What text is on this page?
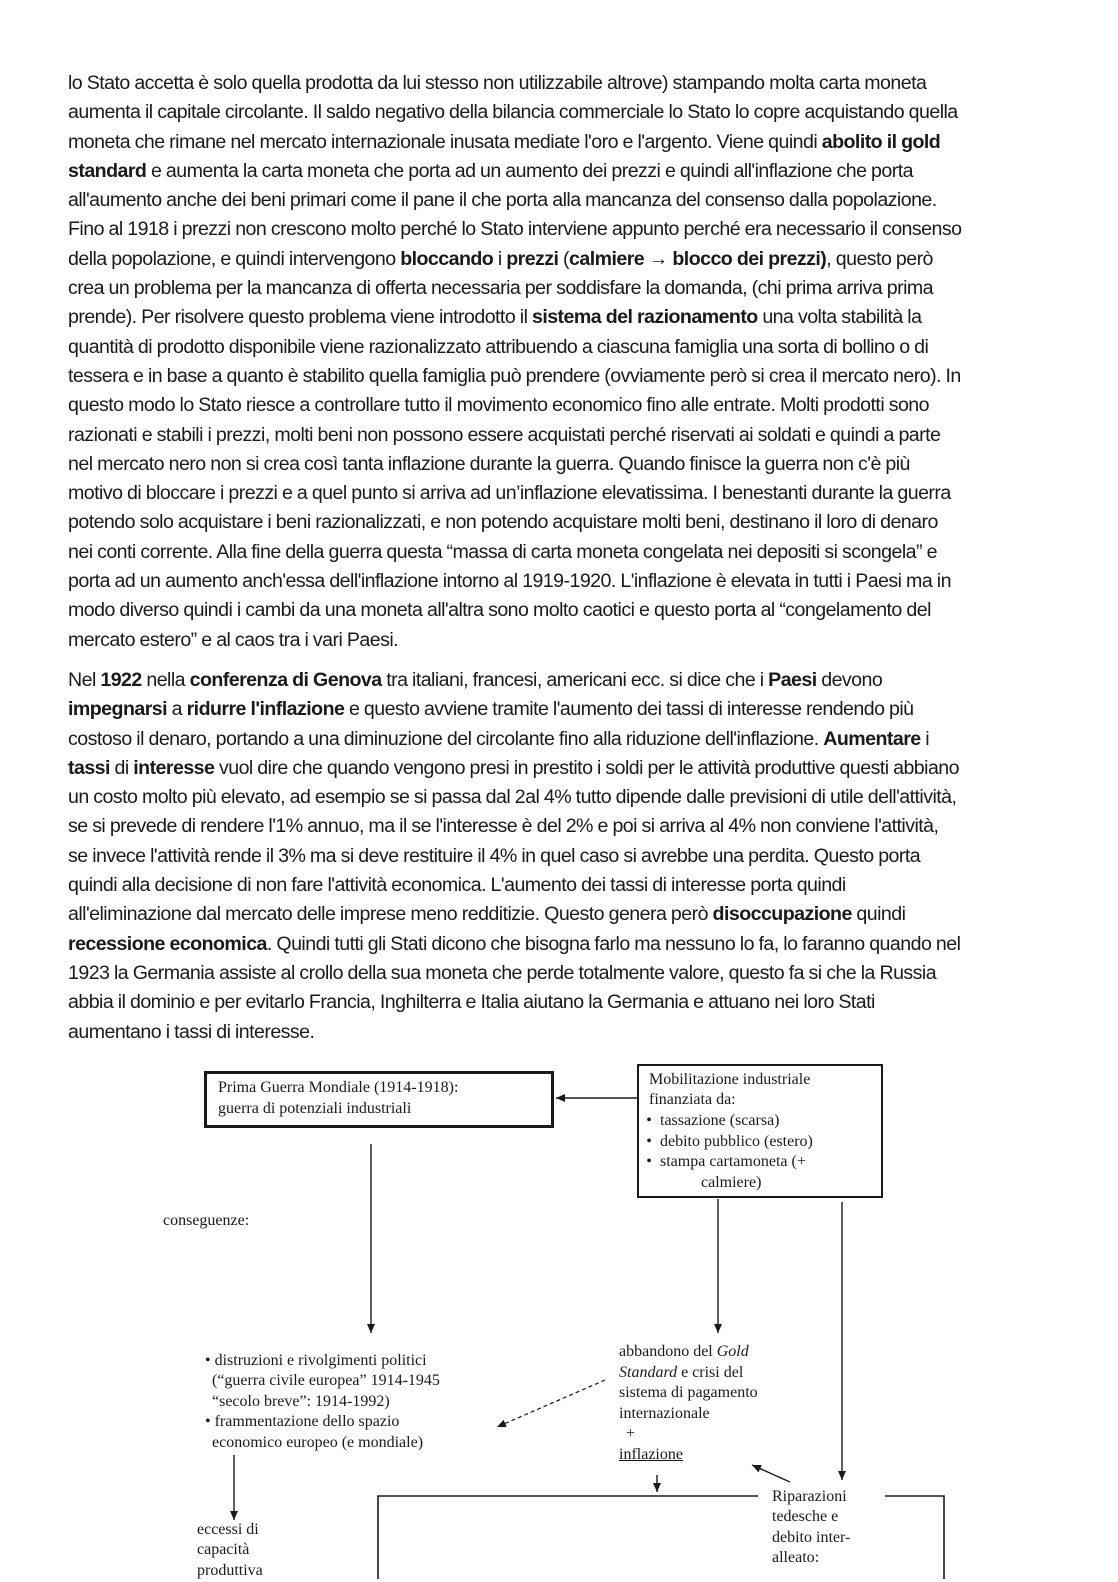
lo Stato accetta è solo quella prodotta da lui stesso non utilizzabile altrove) stampando molta carta moneta
aumenta il capitale circolante. Il saldo negativo della bilancia commerciale lo Stato lo copre acquistando quella
moneta che rimane nel mercato internazionale inusata mediate l'oro e l'argento. Viene quindi abolito il gold
standard e aumenta la carta moneta che porta ad un aumento dei prezzi e quindi all'inflazione che porta
all'aumento anche dei beni primari come il pane il che porta alla mancanza del consenso dalla popolazione.
Fino al 1918 i prezzi non crescono molto perché lo Stato interviene appunto perché era necessario il consenso
della popolazione, e quindi intervengono bloccando i prezzi (calmiere → blocco dei prezzi), questo però
crea un problema per la mancanza di offerta necessaria per soddisfare la domanda, (chi prima arriva prima
prende). Per risolvere questo problema viene introdotto il sistema del razionamento una volta stabilità la
quantità di prodotto disponibile viene razionalizzato attribuendo a ciascuna famiglia una sorta di bollino o di
tessera e in base a quanto è stabilito quella famiglia può prendere (ovviamente però si crea il mercato nero). In
questo modo lo Stato riesce a controllare tutto il movimento economico fino alle entrate. Molti prodotti sono
razionati e stabili i prezzi, molti beni non possono essere acquistati perché riservati ai soldati e quindi a parte
nel mercato nero non si crea così tanta inflazione durante la guerra. Quando finisce la guerra non c'è più
motivo di bloccare i prezzi e a quel punto si arriva ad un’inflazione elevatissima. I benestanti durante la guerra
potendo solo acquistare i beni razionalizzati, e non potendo acquistare molti beni, destinano il loro di denaro
nei conti corrente. Alla fine della guerra questa “massa di carta moneta congelata nei depositi si scongela” e
porta ad un aumento anch'essa dell'inflazione intorno al 1919-1920. L'inflazione è elevata in tutti i Paesi ma in
modo diverso quindi i cambi da una moneta all'altra sono molto caotici e questo porta al “congelamento del
mercato estero” e al caos tra i vari Paesi.
Nel 1922 nella conferenza di Genova tra italiani, francesi, americani ecc. si dice che i Paesi devono
impegnarsi a ridurre l'inflazione e questo avviene tramite l'aumento dei tassi di interesse rendendo più
costoso il denaro, portando a una diminuzione del circolante fino alla riduzione dell'inflazione. Aumentare i
tassi di interesse vuol dire che quando vengono presi in prestito i soldi per le attività produttive questi abbiano
un costo molto più elevato, ad esempio se si passa dal 2al 4% tutto dipende dalle previsioni di utile dell'attività,
se si prevede di rendere l'1% annuo, ma il se l'interesse è del 2% e poi si arriva al 4% non conviene l'attività,
se invece l'attività rende il 3% ma si deve restituire il 4% in quel caso si avrebbe una perdita. Questo porta
quindi alla decisione di non fare l'attività economica. L'aumento dei tassi di interesse porta quindi
all'eliminazione dal mercato delle imprese meno redditizie. Questo genera però disoccupazione quindi
recessione economica. Quindi tutti gli Stati dicono che bisogna farlo ma nessuno lo fa, lo faranno quando nel
1923 la Germania assiste al crollo della sua moneta che perde totalmente valore, questo fa si che la Russia
abbia il dominio e per evitarlo Francia, Inghilterra e Italia aiutano la Germania e attuano nei loro Stati
aumentano i tassi di interesse.
Prima Guerra Mondiale (1914-1918):
guerra di potenziali industriali
Mobilitazione industriale
finanziata da:
• tassazione (scarsa)
• debito pubblico (estero)
• stampa cartamoneta (+
calmiere)
conseguenze:
• distruzioni e rivolgimenti politici
(“guerra civile europea” 1914-1945
“secolo breve”: 1914-1992)
• frammentazione dello spazio
economico europeo (e mondiale)
abbandono del Gold
Standard e crisi del
sistema di pagamento
internazionale
+
inflazione
Riparazioni
tedesche e
debito inter-
alleato:
eccessi di
capacità
produttiva
